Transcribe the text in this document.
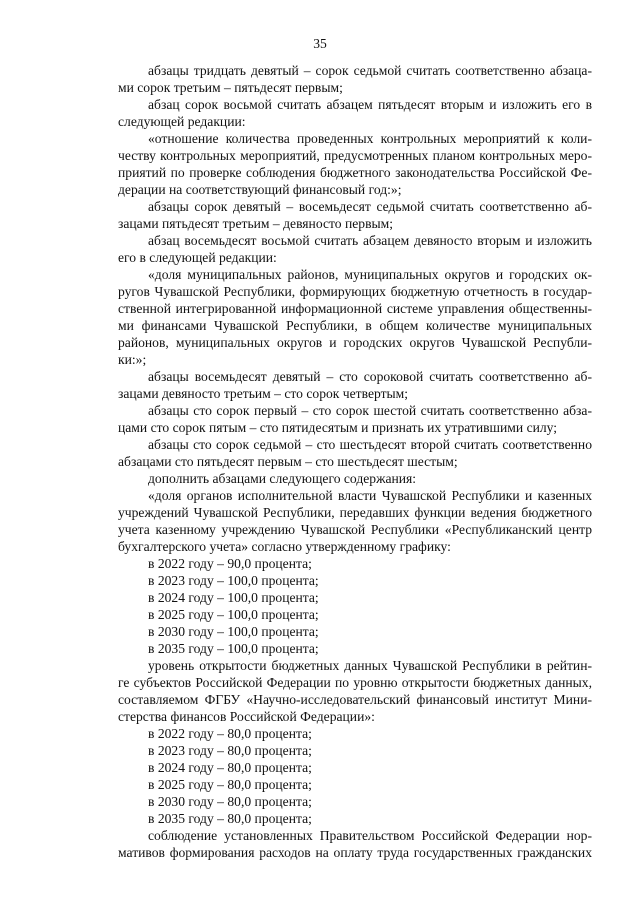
35
абзацы тридцать девятый – сорок седьмой считать соответственно абзаца-
ми сорок третьим – пятьдесят первым;
абзац сорок восьмой считать абзацем пятьдесят вторым и изложить его в
следующей редакции:
«отношение количества проведенных контрольных мероприятий к коли-
честву контрольных мероприятий, предусмотренных планом контрольных меро-
приятий по проверке соблюдения бюджетного законодательства Российской Фе-
дерации на соответствующий финансовый год:»;
абзацы сорок девятый – восемьдесят седьмой считать соответственно аб-
зацами пятьдесят третьим – девяносто первым;
абзац восемьдесят восьмой считать абзацем девяносто вторым и изложить
его в следующей редакции:
«доля муниципальных районов, муниципальных округов и городских ок-
ругов Чувашской Республики, формирующих бюджетную отчетность в государ-
ственной интегрированной информационной системе управления общественны-
ми финансами Чувашской Республики, в общем количестве муниципальных
районов, муниципальных округов и городских округов Чувашской Республи-
ки:»;
абзацы восемьдесят девятый – сто сороковой считать соответственно аб-
зацами девяносто третьим – сто сорок четвертым;
абзацы сто сорок первый – сто сорок шестой считать соответственно абза-
цами сто сорок пятым – сто пятидесятым и признать их утратившими силу;
абзацы сто сорок седьмой – сто шестьдесят второй считать соответственно
абзацами сто пятьдесят первым – сто шестьдесят шестым;
дополнить абзацами следующего содержания:
«доля органов исполнительной власти Чувашской Республики и казенных
учреждений Чувашской Республики, передавших функции ведения бюджетного
учета казенному учреждению Чувашской Республики «Республиканский центр
бухгалтерского учета» согласно утвержденному графику:
в 2022 году – 90,0 процента;
в 2023 году – 100,0 процента;
в 2024 году – 100,0 процента;
в 2025 году – 100,0 процента;
в 2030 году – 100,0 процента;
в 2035 году – 100,0 процента;
уровень открытости бюджетных данных Чувашской Республики в рейтин-
ге субъектов Российской Федерации по уровню открытости бюджетных данных,
составляемом ФГБУ «Научно-исследовательский финансовый институт Мини-
стерства финансов Российской Федерации»:
в 2022 году – 80,0 процента;
в 2023 году – 80,0 процента;
в 2024 году – 80,0 процента;
в 2025 году – 80,0 процента;
в 2030 году – 80,0 процента;
в 2035 году – 80,0 процента;
соблюдение установленных Правительством Российской Федерации нор-
мативов формирования расходов на оплату труда государственных гражданских
